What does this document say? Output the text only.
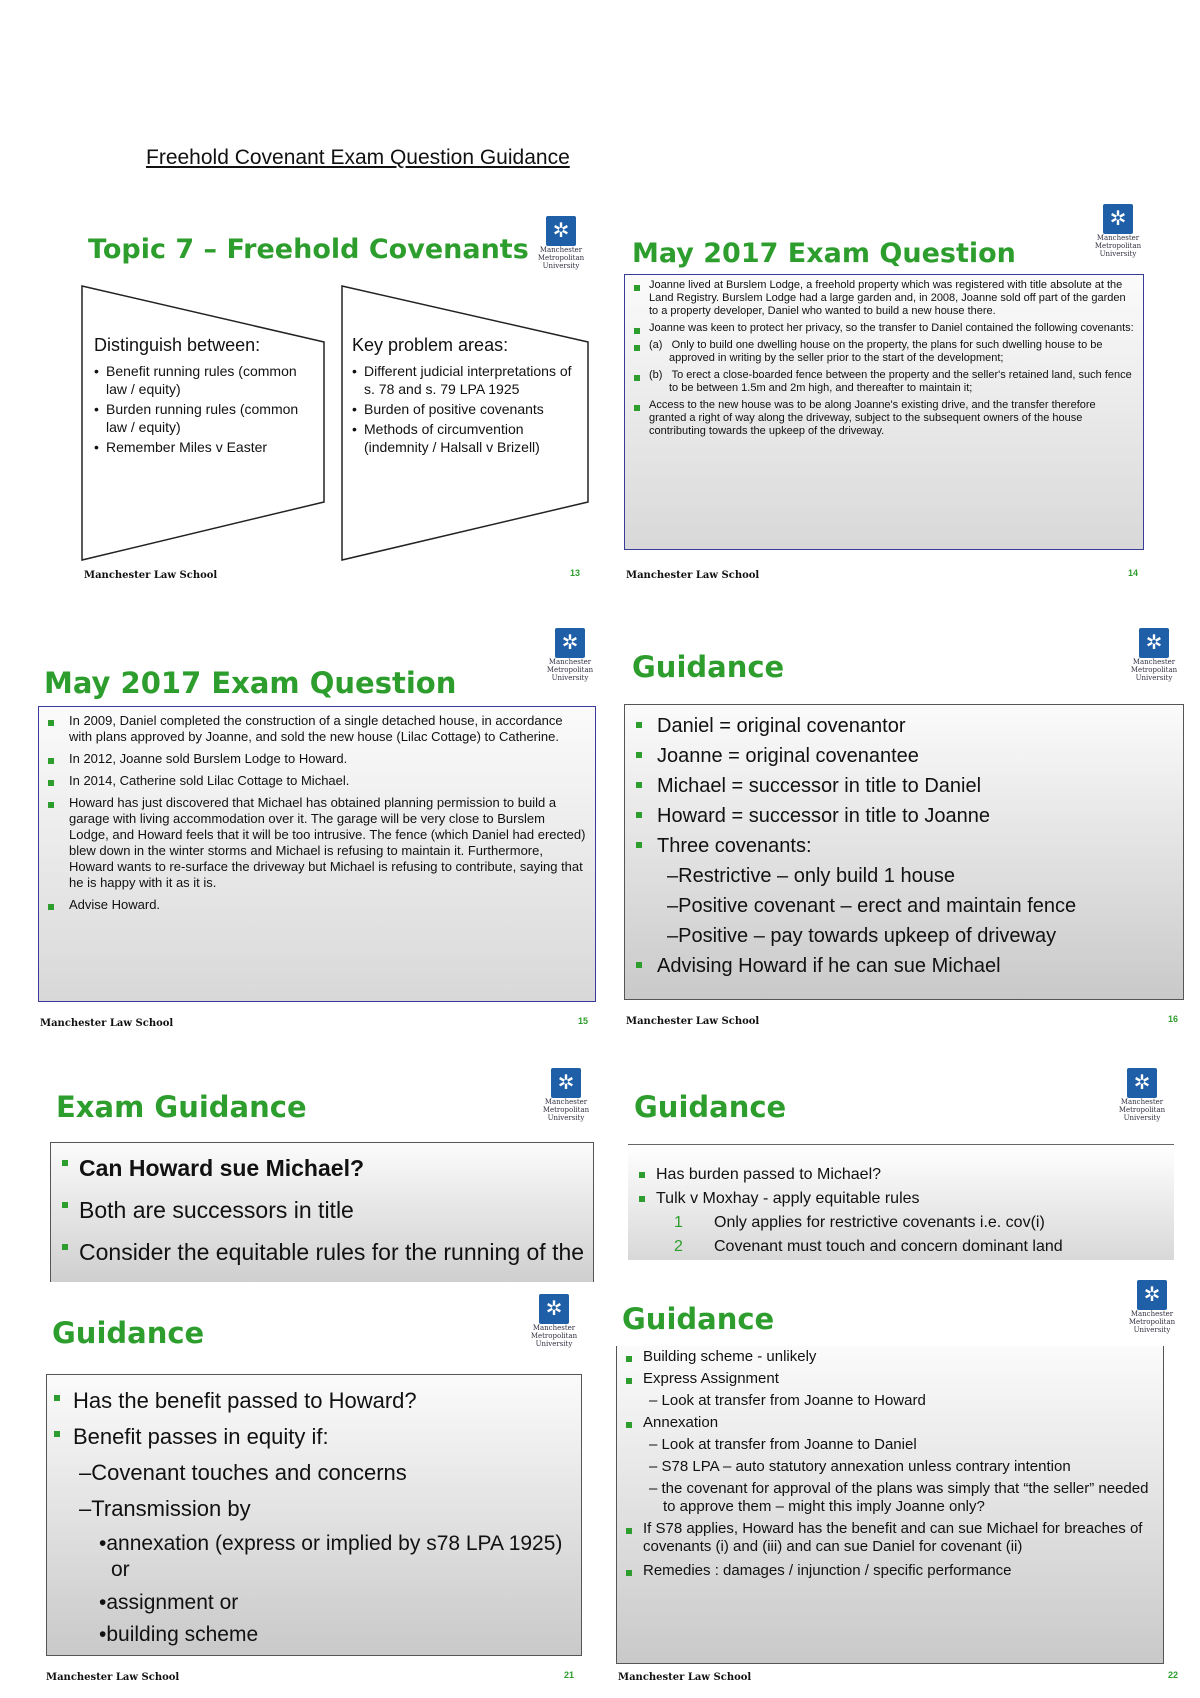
Freehold Covenant Exam Question Guidance
Topic 7 – Freehold Covenants
✲	Manchester Metropolitan University
Distinguish between:
• Benefit running rules (common law / equity)
• Burden running rules (common law / equity)
• Remember Miles v Easter
Key problem areas:
• Different judicial interpretations of s. 78 and s. 79 LPA 1925
• Burden of positive covenants
• Methods of circumvention (indemnity / Halsall v Brizell)
Manchester Law School	13
May 2017 Exam Question
✲	Manchester Metropolitan University
Joanne lived at Burslem Lodge, a freehold property which was registered with title absolute at the Land Registry. Burslem Lodge had a large garden and, in 2008, Joanne sold off part of the garden to a property developer, Daniel who wanted to build a new house there.
Joanne was keen to protect her privacy, so the transfer to Daniel contained the following covenants:
(a)   Only to build one dwelling house on the property, the plans for such dwelling house to be approved in writing by the seller prior to the start of the development;
(b)   To erect a close-boarded fence between the property and the seller's retained land, such fence to be between 1.5m and 2m high, and thereafter to maintain it;
Access to the new house was to be along Joanne's existing drive, and the transfer therefore granted a right of way along the driveway, subject to the subsequent owners of the house contributing towards the upkeep of the driveway.
Manchester Law School	14
May 2017 Exam Question
✲
Manchester Metropolitan University
In 2009, Daniel completed the construction of a single detached house, in accordance with plans approved by Joanne, and sold the new house (Lilac Cottage) to Catherine.
In 2012, Joanne sold Burslem Lodge to Howard.
In 2014, Catherine sold Lilac Cottage to Michael.
Howard has just discovered that Michael has obtained planning permission to build a garage with living accommodation over it. The garage will be very close to Burslem Lodge, and Howard feels that it will be too intrusive. The fence (which Daniel had erected) blew down in the winter storms and Michael is refusing to maintain it. Furthermore, Howard wants to re-surface the driveway but Michael is refusing to contribute, saying that he is happy with it as it is.
Advise Howard.
Manchester Law School	15
Guidance
✲	Manchester Metropolitan University
Daniel = original covenantor
Joanne = original covenantee
Michael = successor in title to Daniel
Howard = successor in title to Joanne
Three covenants:
–Restrictive – only build 1 house
–Positive covenant – erect and maintain fence
–Positive – pay towards upkeep of driveway
Advising Howard if he can sue Michael
Manchester Law School	16
Exam Guidance
✲	Manchester Metropolitan University
Can Howard sue Michael?
Both are successors in title
Consider the equitable rules for the running of the
Guidance
✲	Manchester Metropolitan University
Has burden passed to Michael?
Tulk v Moxhay - apply equitable rules
1 Only applies for restrictive covenants i.e. cov(i)
2 Covenant must touch and concern dominant land
Guidance
✲	Manchester Metropolitan University
Has the benefit passed to Howard?
Benefit passes in equity if:
–Covenant touches and concerns
–Transmission by
•annexation (express or implied by s78 LPA 1925) or
•assignment or
•building scheme
Manchester Law School	21
Guidance
✲	Manchester Metropolitan University
Building scheme - unlikely
Express Assignment
– Look at transfer from Joanne to Howard
Annexation
– Look at transfer from Joanne to Daniel
– S78 LPA – auto statutory annexation unless contrary intention
– the covenant for approval of the plans was simply that “the seller” needed to approve them – might this imply Joanne only?
If S78 applies, Howard has the benefit and can sue Michael for breaches of covenants (i) and (iii) and can sue Daniel for covenant (ii)
Remedies : damages / injunction / specific performance
Manchester Law School	22
